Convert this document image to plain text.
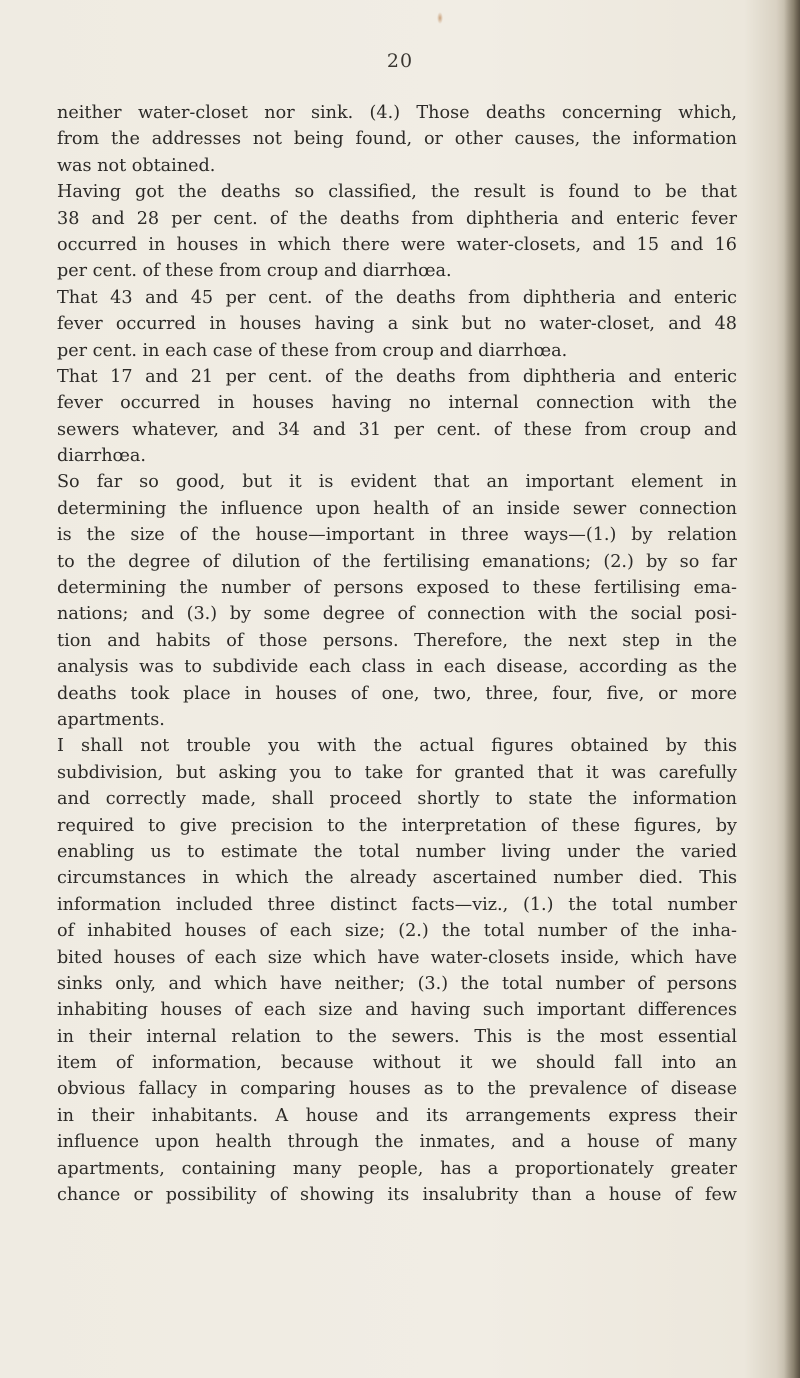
20
neither water-closet nor sink. (4.) Those deaths concerning which,
from the addresses not being found, or other causes, the information
was not obtained.
Having got the deaths so classified, the result is found to be that
38 and 28 per cent. of the deaths from diphtheria and enteric fever
occurred in houses in which there were water-closets, and 15 and 16
per cent. of these from croup and diarrhœa.
That 43 and 45 per cent. of the deaths from diphtheria and enteric
fever occurred in houses having a sink but no water-closet, and 48
per cent. in each case of these from croup and diarrhœa.
That 17 and 21 per cent. of the deaths from diphtheria and enteric
fever occurred in houses having no internal connection with the
sewers whatever, and 34 and 31 per cent. of these from croup and
diarrhœa.
So far so good, but it is evident that an important element in
determining the influence upon health of an inside sewer connection
is the size of the house—important in three ways—(1.) by relation
to the degree of dilution of the fertilising emanations; (2.) by so far
determining the number of persons exposed to these fertilising ema-
nations; and (3.) by some degree of connection with the social posi-
tion and habits of those persons. Therefore, the next step in the
analysis was to subdivide each class in each disease, according as the
deaths took place in houses of one, two, three, four, five, or more
apartments.
I shall not trouble you with the actual figures obtained by this
subdivision, but asking you to take for granted that it was carefully
and correctly made, shall proceed shortly to state the information
required to give precision to the interpretation of these figures, by
enabling us to estimate the total number living under the varied
circumstances in which the already ascertained number died. This
information included three distinct facts—viz., (1.) the total number
of inhabited houses of each size; (2.) the total number of the inha-
bited houses of each size which have water-closets inside, which have
sinks only, and which have neither; (3.) the total number of persons
inhabiting houses of each size and having such important differences
in their internal relation to the sewers. This is the most essential
item of information, because without it we should fall into an
obvious fallacy in comparing houses as to the prevalence of disease
in their inhabitants. A house and its arrangements express their
influence upon health through the inmates, and a house of many
apartments, containing many people, has a proportionately greater
chance or possibility of showing its insalubrity than a house of few
